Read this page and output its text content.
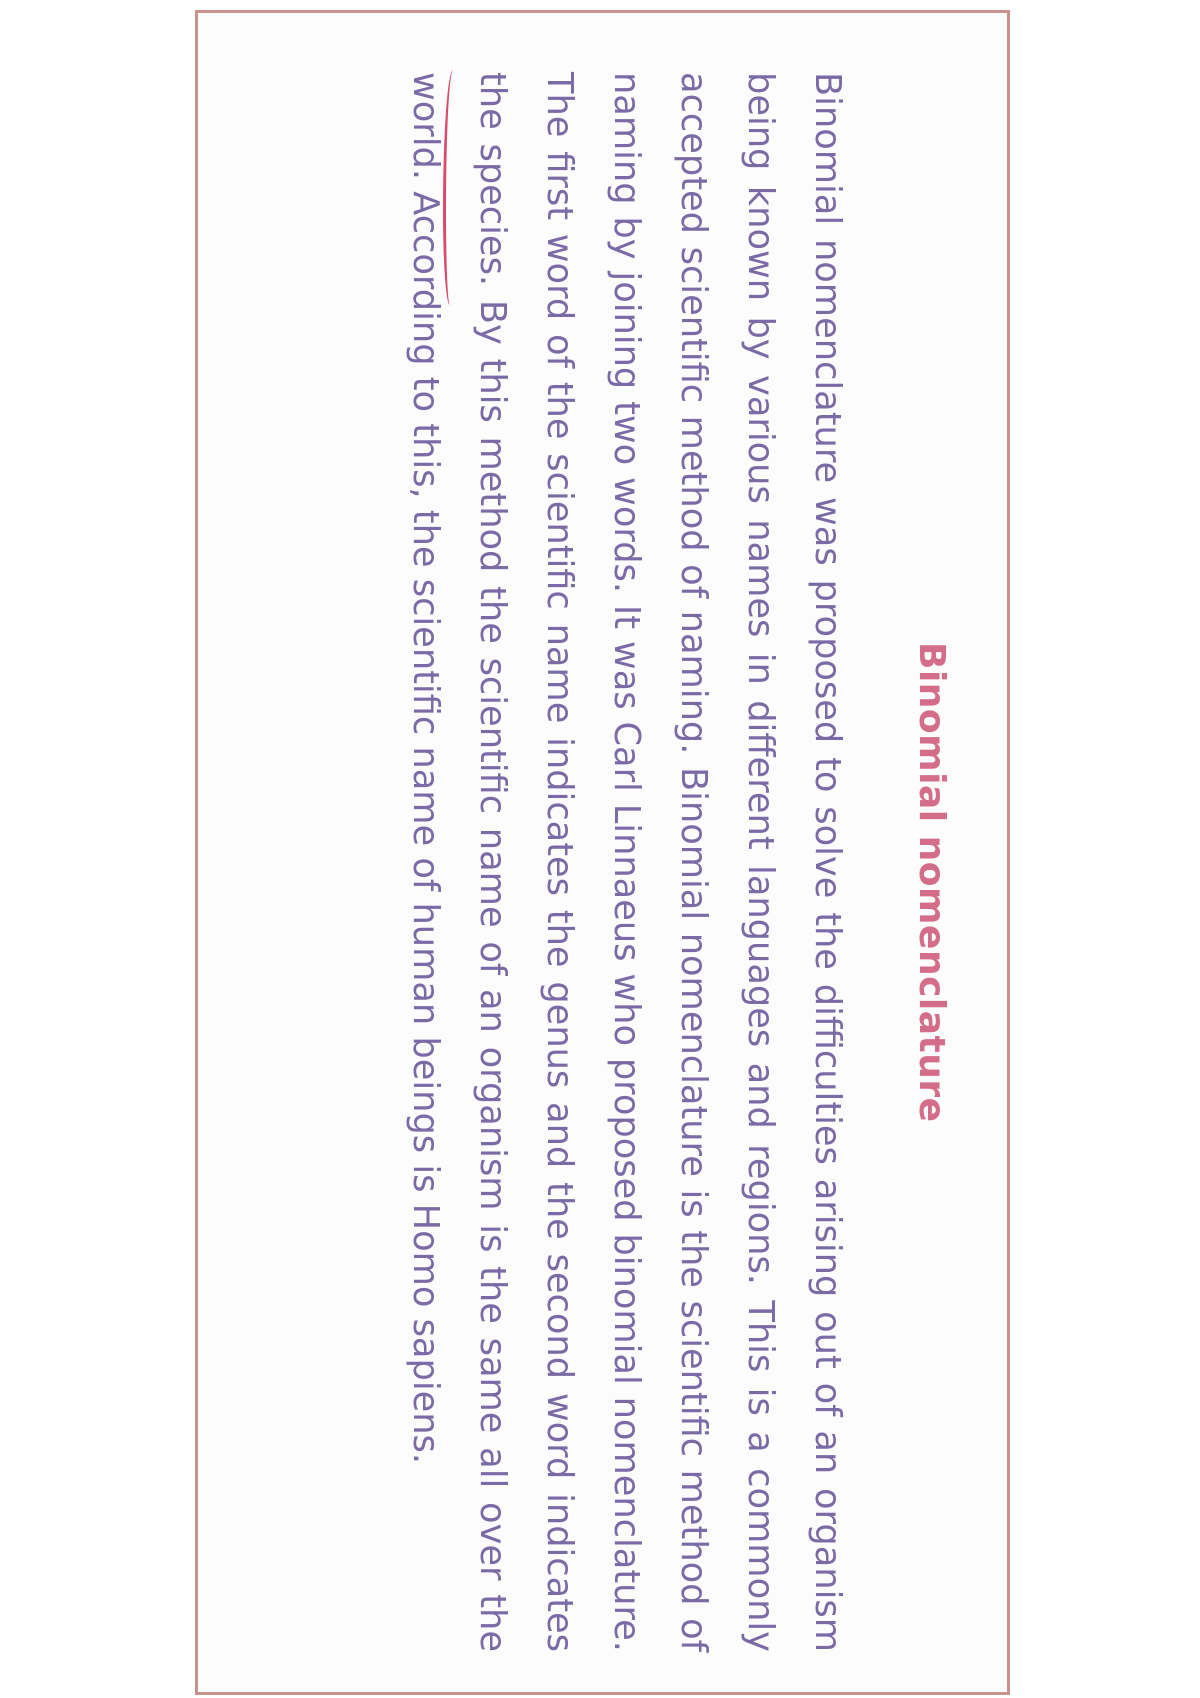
Binomial nomenclature
Binomial nomenclature was proposed to solve the difficulties arising out of an organism being known by various names in different languages and regions. This is a commonly accepted scientific method of naming. Binomial nomenclature is the scientific method of naming by joining two words. It was Carl Linnaeus who proposed binomial nomenclature. The first word of the scientific name indicates the genus and the second word indicates the species. By this method the scientific name of an organism is the same all over the world. According to this, the scientific name of human beings is Homo sapiens.
